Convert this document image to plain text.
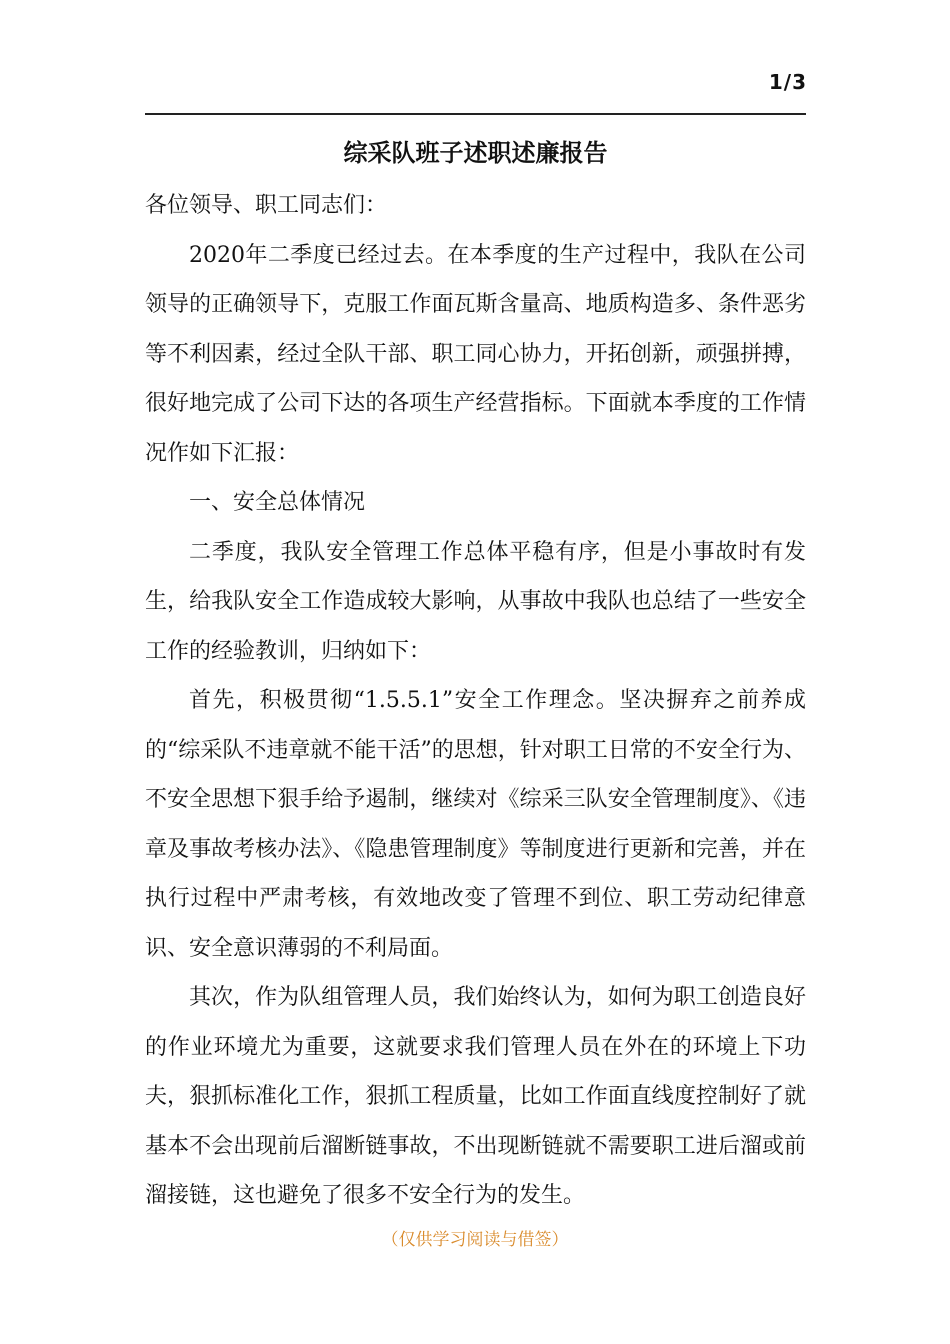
1/3
综采队班子述职述廉报告

各位领导、职工同志们：

2020年二季度已经过去。在本季度的生产过程中，我队在公司领导的正确领导下，克服工作面瓦斯含量高、地质构造多、条件恶劣等不利因素，经过全队干部、职工同心协力，开拓创新，顽强拼搏，很好地完成了公司下达的各项生产经营指标。下面就本季度的工作情况作如下汇报：

一、安全总体情况

二季度，我队安全管理工作总体平稳有序，但是小事故时有发生，给我队安全工作造成较大影响，从事故中我队也总结了一些安全工作的经验教训，归纳如下：

首先，积极贯彻“1.5.5.1”安全工作理念。坚决摒弃之前养成的“综采队不违章就不能干活”的思想，针对职工日常的不安全行为、不安全思想下狠手给予遏制，继续对《综采三队安全管理制度》、《违章及事故考核办法》、《隐患管理制度》等制度进行更新和完善，并在执行过程中严肃考核，有效地改变了管理不到位、职工劳动纪律意识、安全意识薄弱的不利局面。

其次，作为队组管理人员，我们始终认为，如何为职工创造良好的作业环境尤为重要，这就要求我们管理人员在外在的环境上下功夫，狠抓标准化工作，狠抓工程质量，比如工作面直线度控制好了就基本不会出现前后溜断链事故，不出现断链就不需要职工进后溜或前溜接链，这也避免了很多不安全行为的发生。

（仅供学习阅读与借签）
